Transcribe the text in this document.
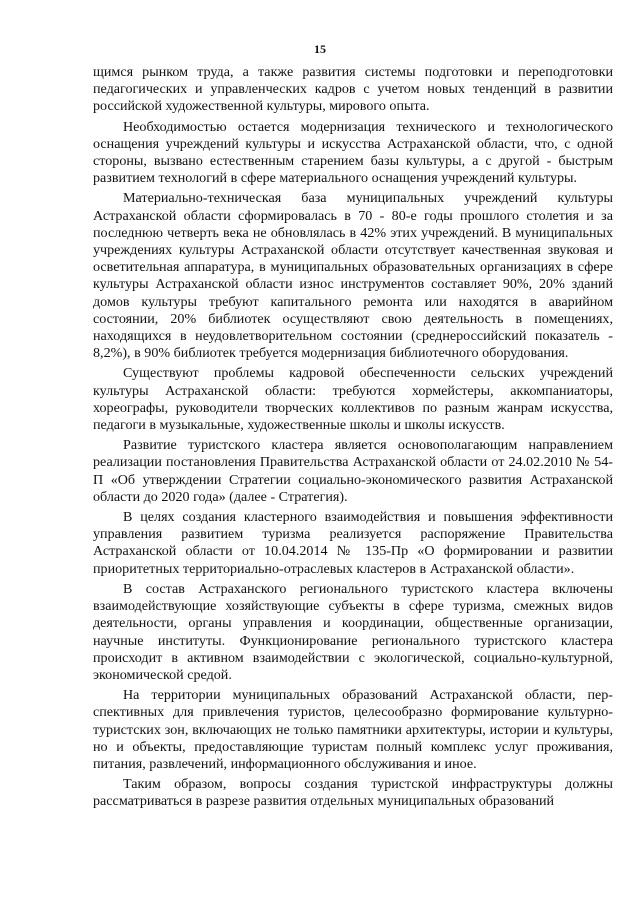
15

щимся рынком труда, а также развития системы подготовки и переподготовки педагогических и управленческих кадров с учетом новых тенденций в развитии российской художественной культуры, мирового опыта.

Необходимостью остается модернизация технического и технологического оснащения учреждений культуры и искусства Астраханской области, что, с одной стороны, вызвано естественным старением базы культуры, а с другой - быстрым развитием технологий в сфере материального оснащения учреждений культуры.

Материально-техническая база муниципальных учреждений культуры Астраханской области сформировалась в 70 - 80-е годы прошлого столетия и за последнюю четверть века не обновлялась в 42% этих учреждений. В муниципальных учреждениях культуры Астраханской области отсутствует качественная звуковая и осветительная аппаратура, в муниципальных образовательных организациях в сфере культуры Астраханской области износ инструментов составляет 90%, 20% зданий домов культуры требуют капитального ремонта или находятся в аварийном состоянии, 20% библиотек осуществляют свою деятельность в помещениях, находящихся в неудовлетворительном состоянии (среднероссийский показатель - 8,2%), в 90% библиотек требуется модернизация библиотечного оборудования.

Существуют проблемы кадровой обеспеченности сельских учреждений культуры Астраханской области: требуются хормейстеры, аккомпаниаторы, хореографы, руководители творческих коллективов по разным жанрам искусства, педагоги в музыкальные, художественные школы и школы искусств.

Развитие туристского кластера является основополагающим направлением реализации постановления Правительства Астраханской области от 24.02.2010 № 54-П «Об утверждении Стратегии социально-экономического развития Астраханской области до 2020 года» (далее - Стратегия).

В целях создания кластерного взаимодействия и повышения эффективности управления развитием туризма реализуется распоряжение Правительства Астраханской области от 10.04.2014 № 135-Пр «О формировании и развитии приоритетных территориально-отраслевых кластеров в Астраханской области».

В состав Астраханского регионального туристского кластера включены взаимодействующие хозяйствующие субъекты в сфере туризма, смежных видов деятельности, органы управления и координации, общественные организации, научные институты. Функционирование регионального туристского кластера происходит в активном взаимодействии с экологической, социально-культурной, экономической средой.

На территории муниципальных образований Астраханской области, перспективных для привлечения туристов, целесообразно формирование культурно-туристских зон, включающих не только памятники архитектуры, истории и культуры, но и объекты, предоставляющие туристам полный комплекс услуг проживания, питания, развлечений, информационного обслуживания и иное.

Таким образом, вопросы создания туристской инфраструктуры должны рассматриваться в разрезе развития отдельных муниципальных образований
